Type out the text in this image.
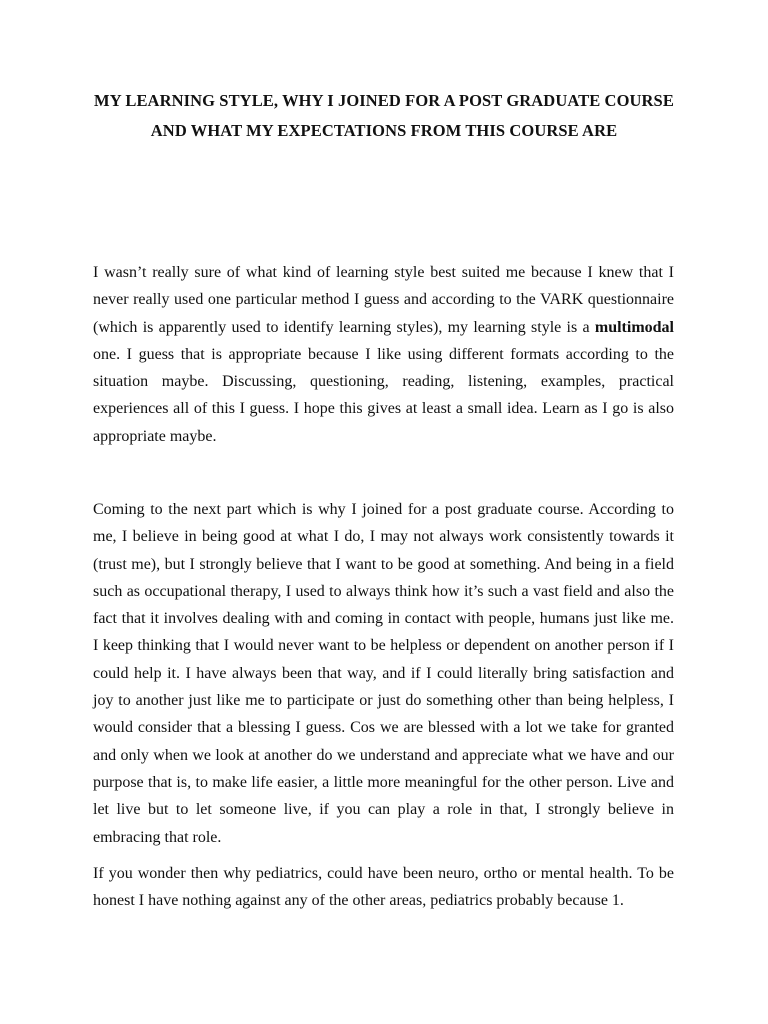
MY LEARNING STYLE, WHY I JOINED FOR A POST GRADUATE COURSE AND WHAT MY EXPECTATIONS FROM THIS COURSE ARE

I wasn’t really sure of what kind of learning style best suited me because I knew that I never really used one particular method I guess and according to the VARK questionnaire (which is apparently used to identify learning styles), my learning style is a multimodal one. I guess that is appropriate because I like using different formats according to the situation maybe. Discussing, questioning, reading, listening, examples, practical experiences all of this I guess. I hope this gives at least a small idea. Learn as I go is also appropriate maybe.

Coming to the next part which is why I joined for a post graduate course. According to me, I believe in being good at what I do, I may not always work consistently towards it (trust me), but I strongly believe that I want to be good at something. And being in a field such as occupational therapy, I used to always think how it’s such a vast field and also the fact that it involves dealing with and coming in contact with people, humans just like me. I keep thinking that I would never want to be helpless or dependent on another person if I could help it. I have always been that way, and if I could literally bring satisfaction and joy to another just like me to participate or just do something other than being helpless, I would consider that a blessing I guess. Cos we are blessed with a lot we take for granted and only when we look at another do we understand and appreciate what we have and our purpose that is, to make life easier, a little more meaningful for the other person. Live and let live but to let someone live, if you can play a role in that, I strongly believe in embracing that role.

If you wonder then why pediatrics, could have been neuro, ortho or mental health. To be honest I have nothing against any of the other areas, pediatrics probably because 1.
